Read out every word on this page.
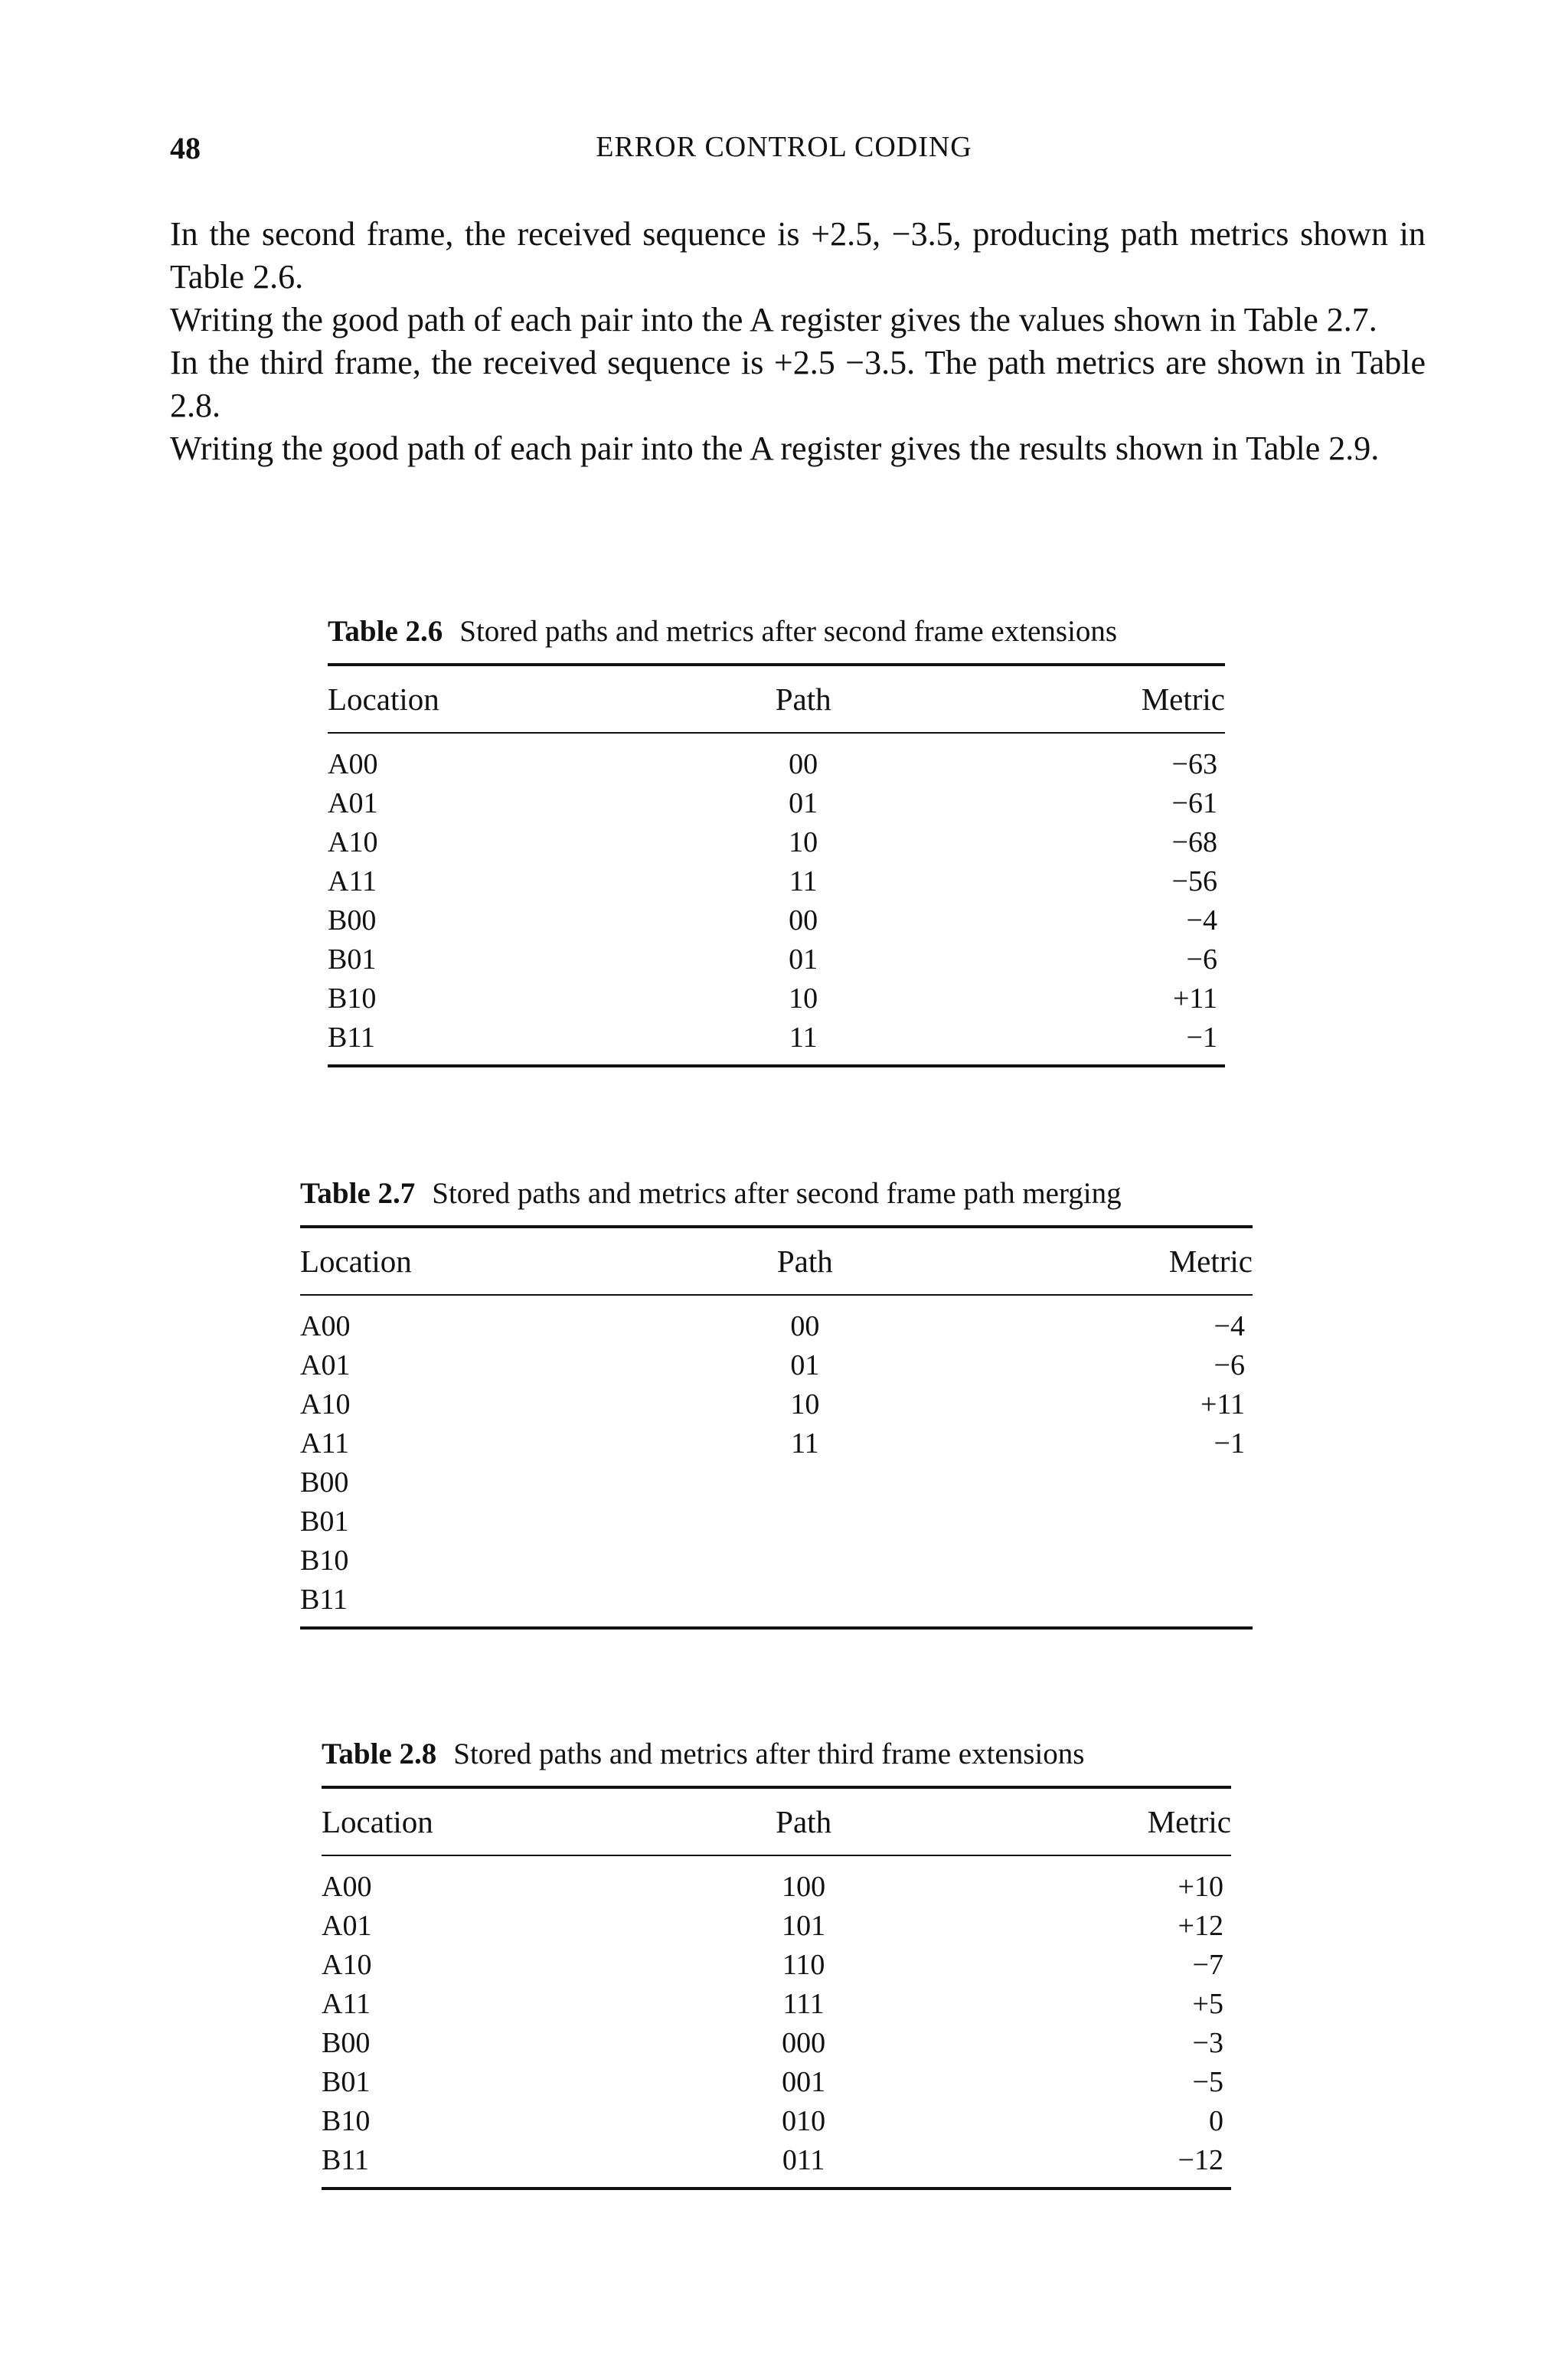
48	ERROR CONTROL CODING

In the second frame, the received sequence is +2.5, −3.5, producing path metrics shown in Table 2.6.

Writing the good path of each pair into the A register gives the values shown in Table 2.7.

In the third frame, the received sequence is +2.5 −3.5. The path metrics are shown in Table 2.8.

Writing the good path of each pair into the A register gives the results shown in Table 2.9.

Table 2.6 Stored paths and metrics after second frame extensions
Location	Path	Metric
A00	00	−63
A01	01	−61
A10	10	−68
A11	11	−56
B00	00	−4
B01	01	−6
B10	10	+11
B11	11	−1
Table 2.7 Stored paths and metrics after second frame path merging
Location	Path	Metric
A00	00	−4
A01	01	−6
A10	10	+11
A11	11	−1
B00
B01
B10
B11
Table 2.8 Stored paths and metrics after third frame extensions
Location	Path	Metric
A00	100	+10
A01	101	+12
A10	110	−7
A11	111	+5
B00	000	−3
B01	001	−5
B10	010	0
B11	011	−12
